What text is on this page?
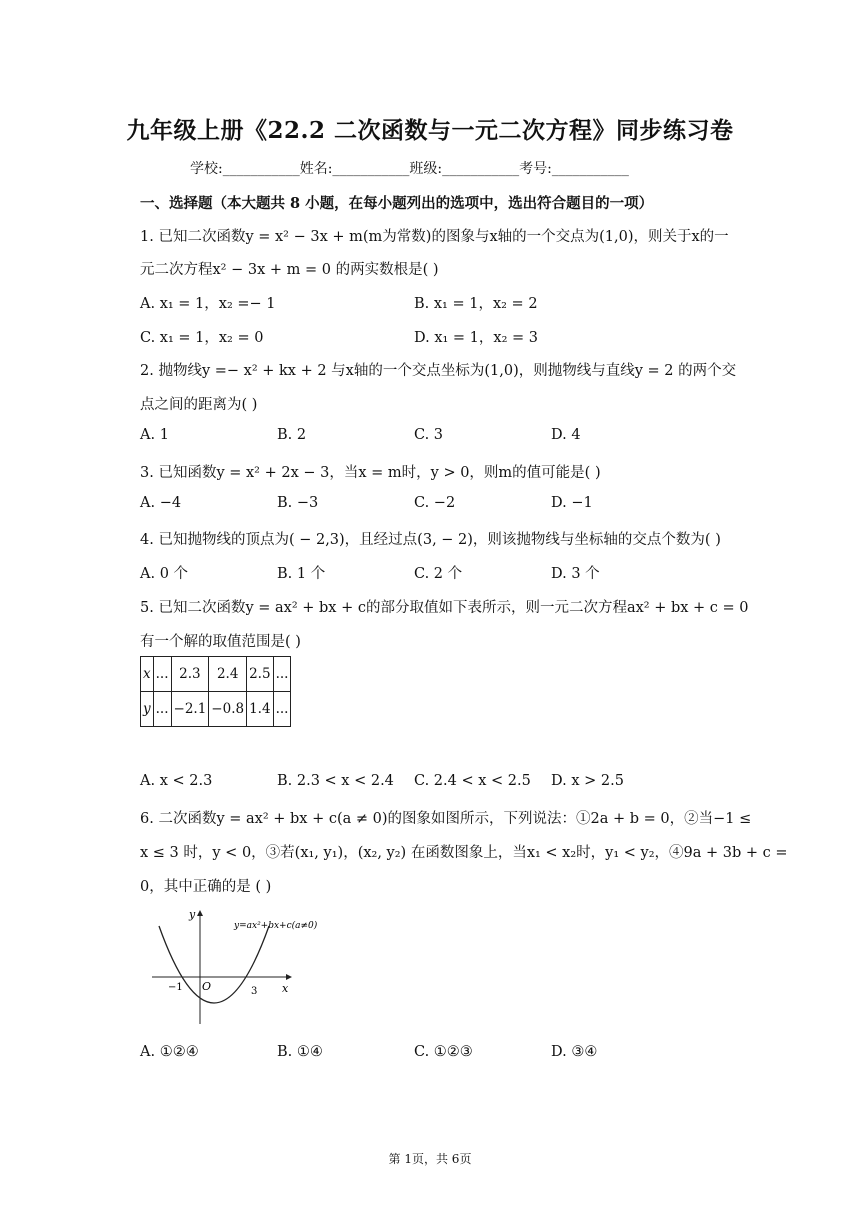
九年级上册《22.2 二次函数与一元二次方程》同步练习卷
学校:___________姓名:___________班级:___________考号:___________
一、选择题（本大题共 8 小题，在每小题列出的选项中，选出符合题目的一项）
1. 已知二次函数y = x² − 3x + m(m为常数)的图象与x轴的一个交点为(1,0)，则关于x的一
元二次方程x² − 3x + m = 0 的两实数根是( )
A. x₁ = 1，x₂ =− 1	B. x₁ = 1，x₂ = 2
C. x₁ = 1，x₂ = 0	D. x₁ = 1，x₂ = 3
2. 抛物线y =− x² + kx + 2 与x轴的一个交点坐标为(1,0)，则抛物线与直线y = 2 的两个交
点之间的距离为( )
A. 1	B. 2	C. 3	D. 4
3. 已知函数y = x² + 2x − 3，当x = m时，y > 0，则m的值可能是( )
A. −4	B. −3	C. −2	D. −1
4. 已知抛物线的顶点为( − 2,3)，且经过点(3, − 2)，则该抛物线与坐标轴的交点个数为( )
A. 0 个	B. 1 个	C. 2 个	D. 3 个
5. 已知二次函数y = ax² + bx + c的部分取值如下表所示，则一元二次方程ax² + bx + c = 0
有一个解的取值范围是( )
x	...	2.3	2.4	2.5	...
y	...	−2.1	−0.8	1.4	...
A. x < 2.3	B. 2.3 < x < 2.4 C. 2.4 < x < 2.5 D. x > 2.5
6. 二次函数y = ax² + bx + c(a ≠ 0)的图象如图所示，下列说法：①2a + b = 0，②当−1 ≤
x ≤ 3 时，y < 0，③若(x₁, y₁)，(x₂, y₂) 在函数图象上，当x₁ < x₂时，y₁ < y₂，④9a + 3b + c =
0，其中正确的是 ( )
y
x
O
−1	3
y=ax²+bx+c(a≠0)
A. ①②④	B. ①④	C. ①②③	D. ③④
第 1页，共 6页
